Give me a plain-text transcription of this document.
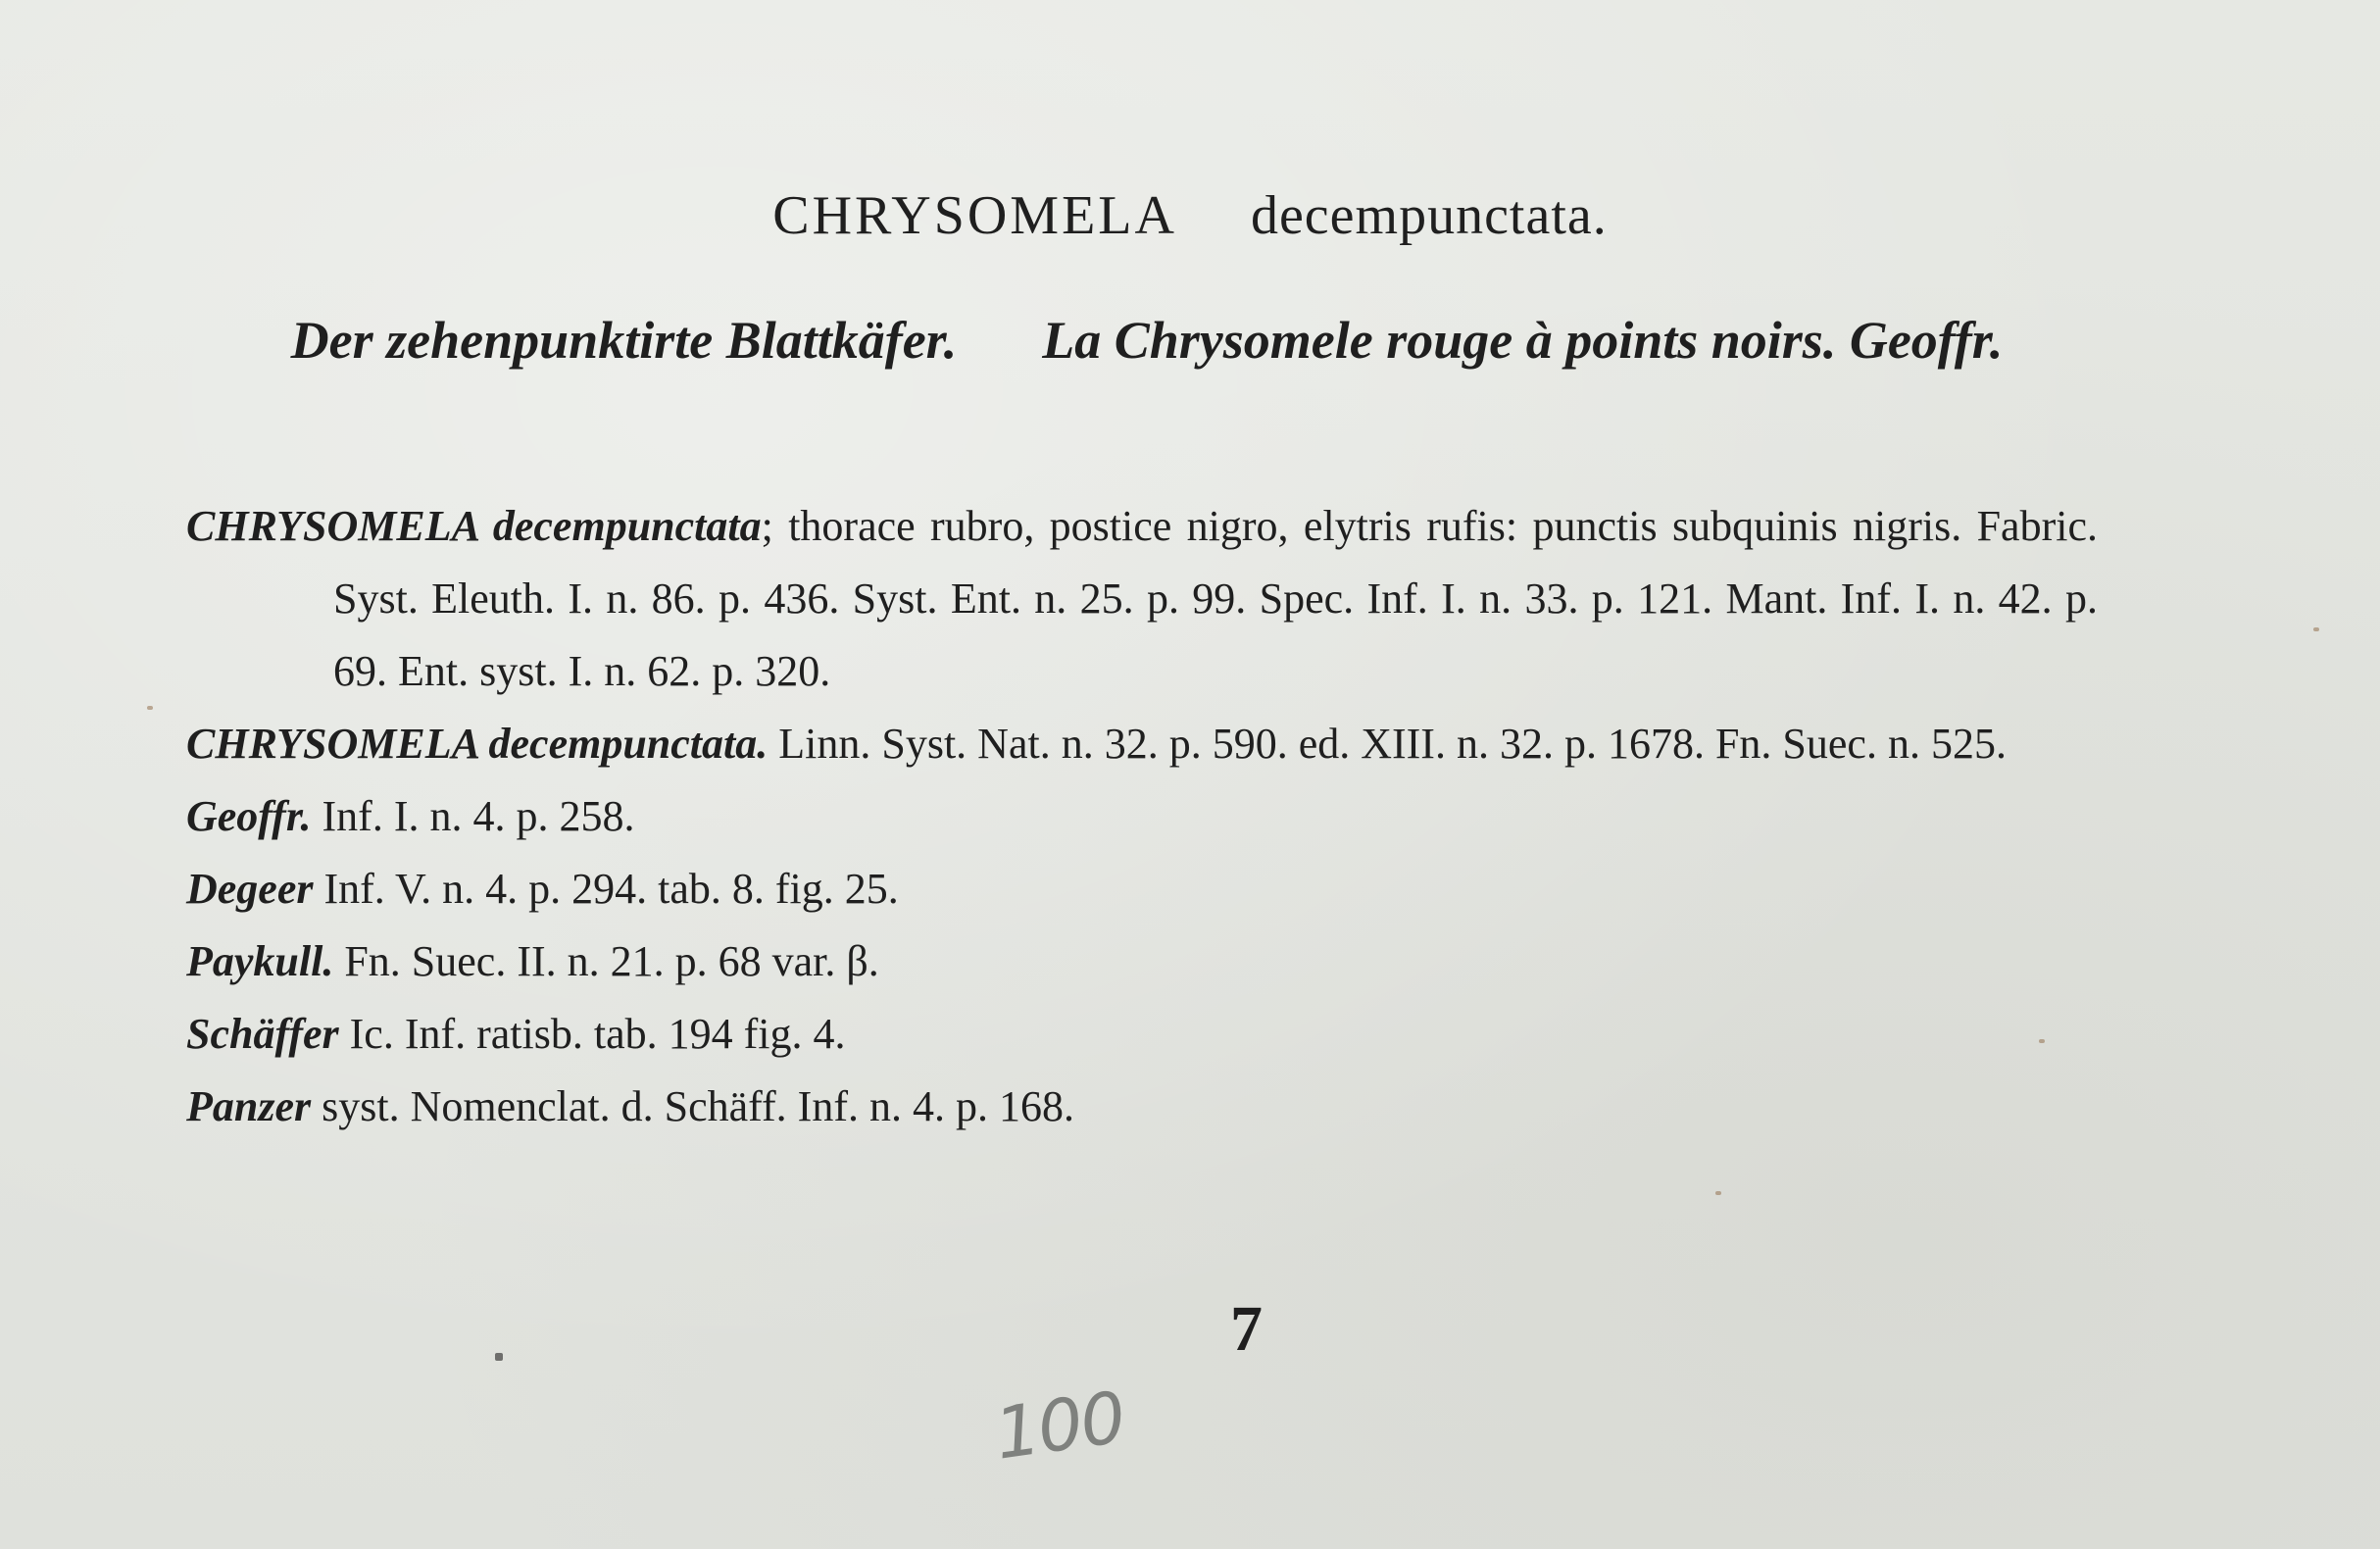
CHRYSOMELA decempunctata.

Der zehenpunktirte Blattkäfer. La Chrysomele rouge à points noirs. Geoffr.

CHRYSOMELA decempunctata; thorace rubro, postice nigro, elytris rufis: punctis subquinis nigris. Fabric. Syst. Eleuth. I. n. 86. p. 436. Syst. Ent. n. 25. p. 99. Spec. Inf. I. n. 33. p. 121. Mant. Inf. I. n. 42. p. 69. Ent. syst. I. n. 62. p. 320.

CHRYSOMELA decempunctata. Linn. Syst. Nat. n. 32. p. 590. ed. XIII. n. 32. p. 1678. Fn. Suec. n. 525.

Geoffr. Inf. I. n. 4. p. 258.

Degeer Inf. V. n. 4. p. 294. tab. 8. fig. 25.

Paykull. Fn. Suec. II. n. 21. p. 68 var. β.

Schäffer Ic. Inf. ratisb. tab. 194 fig. 4.

Panzer syst. Nomenclat. d. Schäff. Inf. n. 4. p. 168.

7
100
